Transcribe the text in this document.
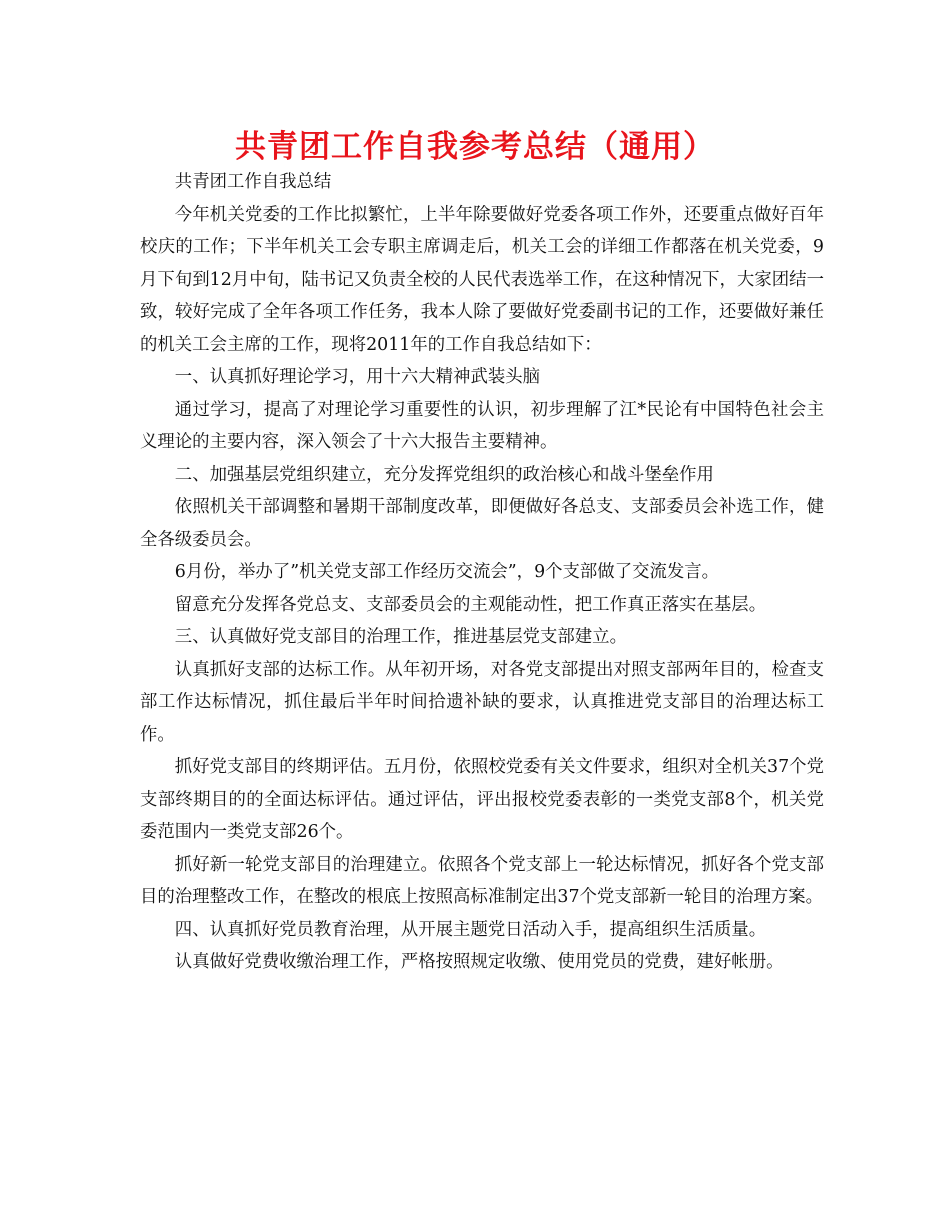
共青团工作自我参考总结（通用）

共青团工作自我总结

今年机关党委的工作比拟繁忙，上半年除要做好党委各项工作外，还要重点做好百年校庆的工作；下半年机关工会专职主席调走后，机关工会的详细工作都落在机关党委，9月下旬到12月中旬，陆书记又负责全校的人民代表选举工作，在这种情况下，大家团结一致，较好完成了全年各项工作任务，我本人除了要做好党委副书记的工作，还要做好兼任的机关工会主席的工作，现将2011年的工作自我总结如下：

一、认真抓好理论学习，用十六大精神武装头脑

通过学习，提高了对理论学习重要性的认识，初步理解了江*民论有中国特色社会主义理论的主要内容，深入领会了十六大报告主要精神。

二、加强基层党组织建立，充分发挥党组织的政治核心和战斗堡垒作用

依照机关干部调整和暑期干部制度改革，即便做好各总支、支部委员会补选工作，健全各级委员会。

6月份，举办了”机关党支部工作经历交流会”，9个支部做了交流发言。

留意充分发挥各党总支、支部委员会的主观能动性，把工作真正落实在基层。

三、认真做好党支部目的治理工作，推进基层党支部建立。

认真抓好支部的达标工作。从年初开场，对各党支部提出对照支部两年目的，检查支部工作达标情况，抓住最后半年时间拾遗补缺的要求，认真推进党支部目的治理达标工作。

抓好党支部目的终期评估。五月份，依照校党委有关文件要求，组织对全机关37个党支部终期目的的全面达标评估。通过评估，评出报校党委表彰的一类党支部8个，机关党委范围内一类党支部26个。

抓好新一轮党支部目的治理建立。依照各个党支部上一轮达标情况，抓好各个党支部目的治理整改工作，在整改的根底上按照高标准制定出37个党支部新一轮目的治理方案。

四、认真抓好党员教育治理，从开展主题党日活动入手，提高组织生活质量。

认真做好党费收缴治理工作，严格按照规定收缴、使用党员的党费，建好帐册。
